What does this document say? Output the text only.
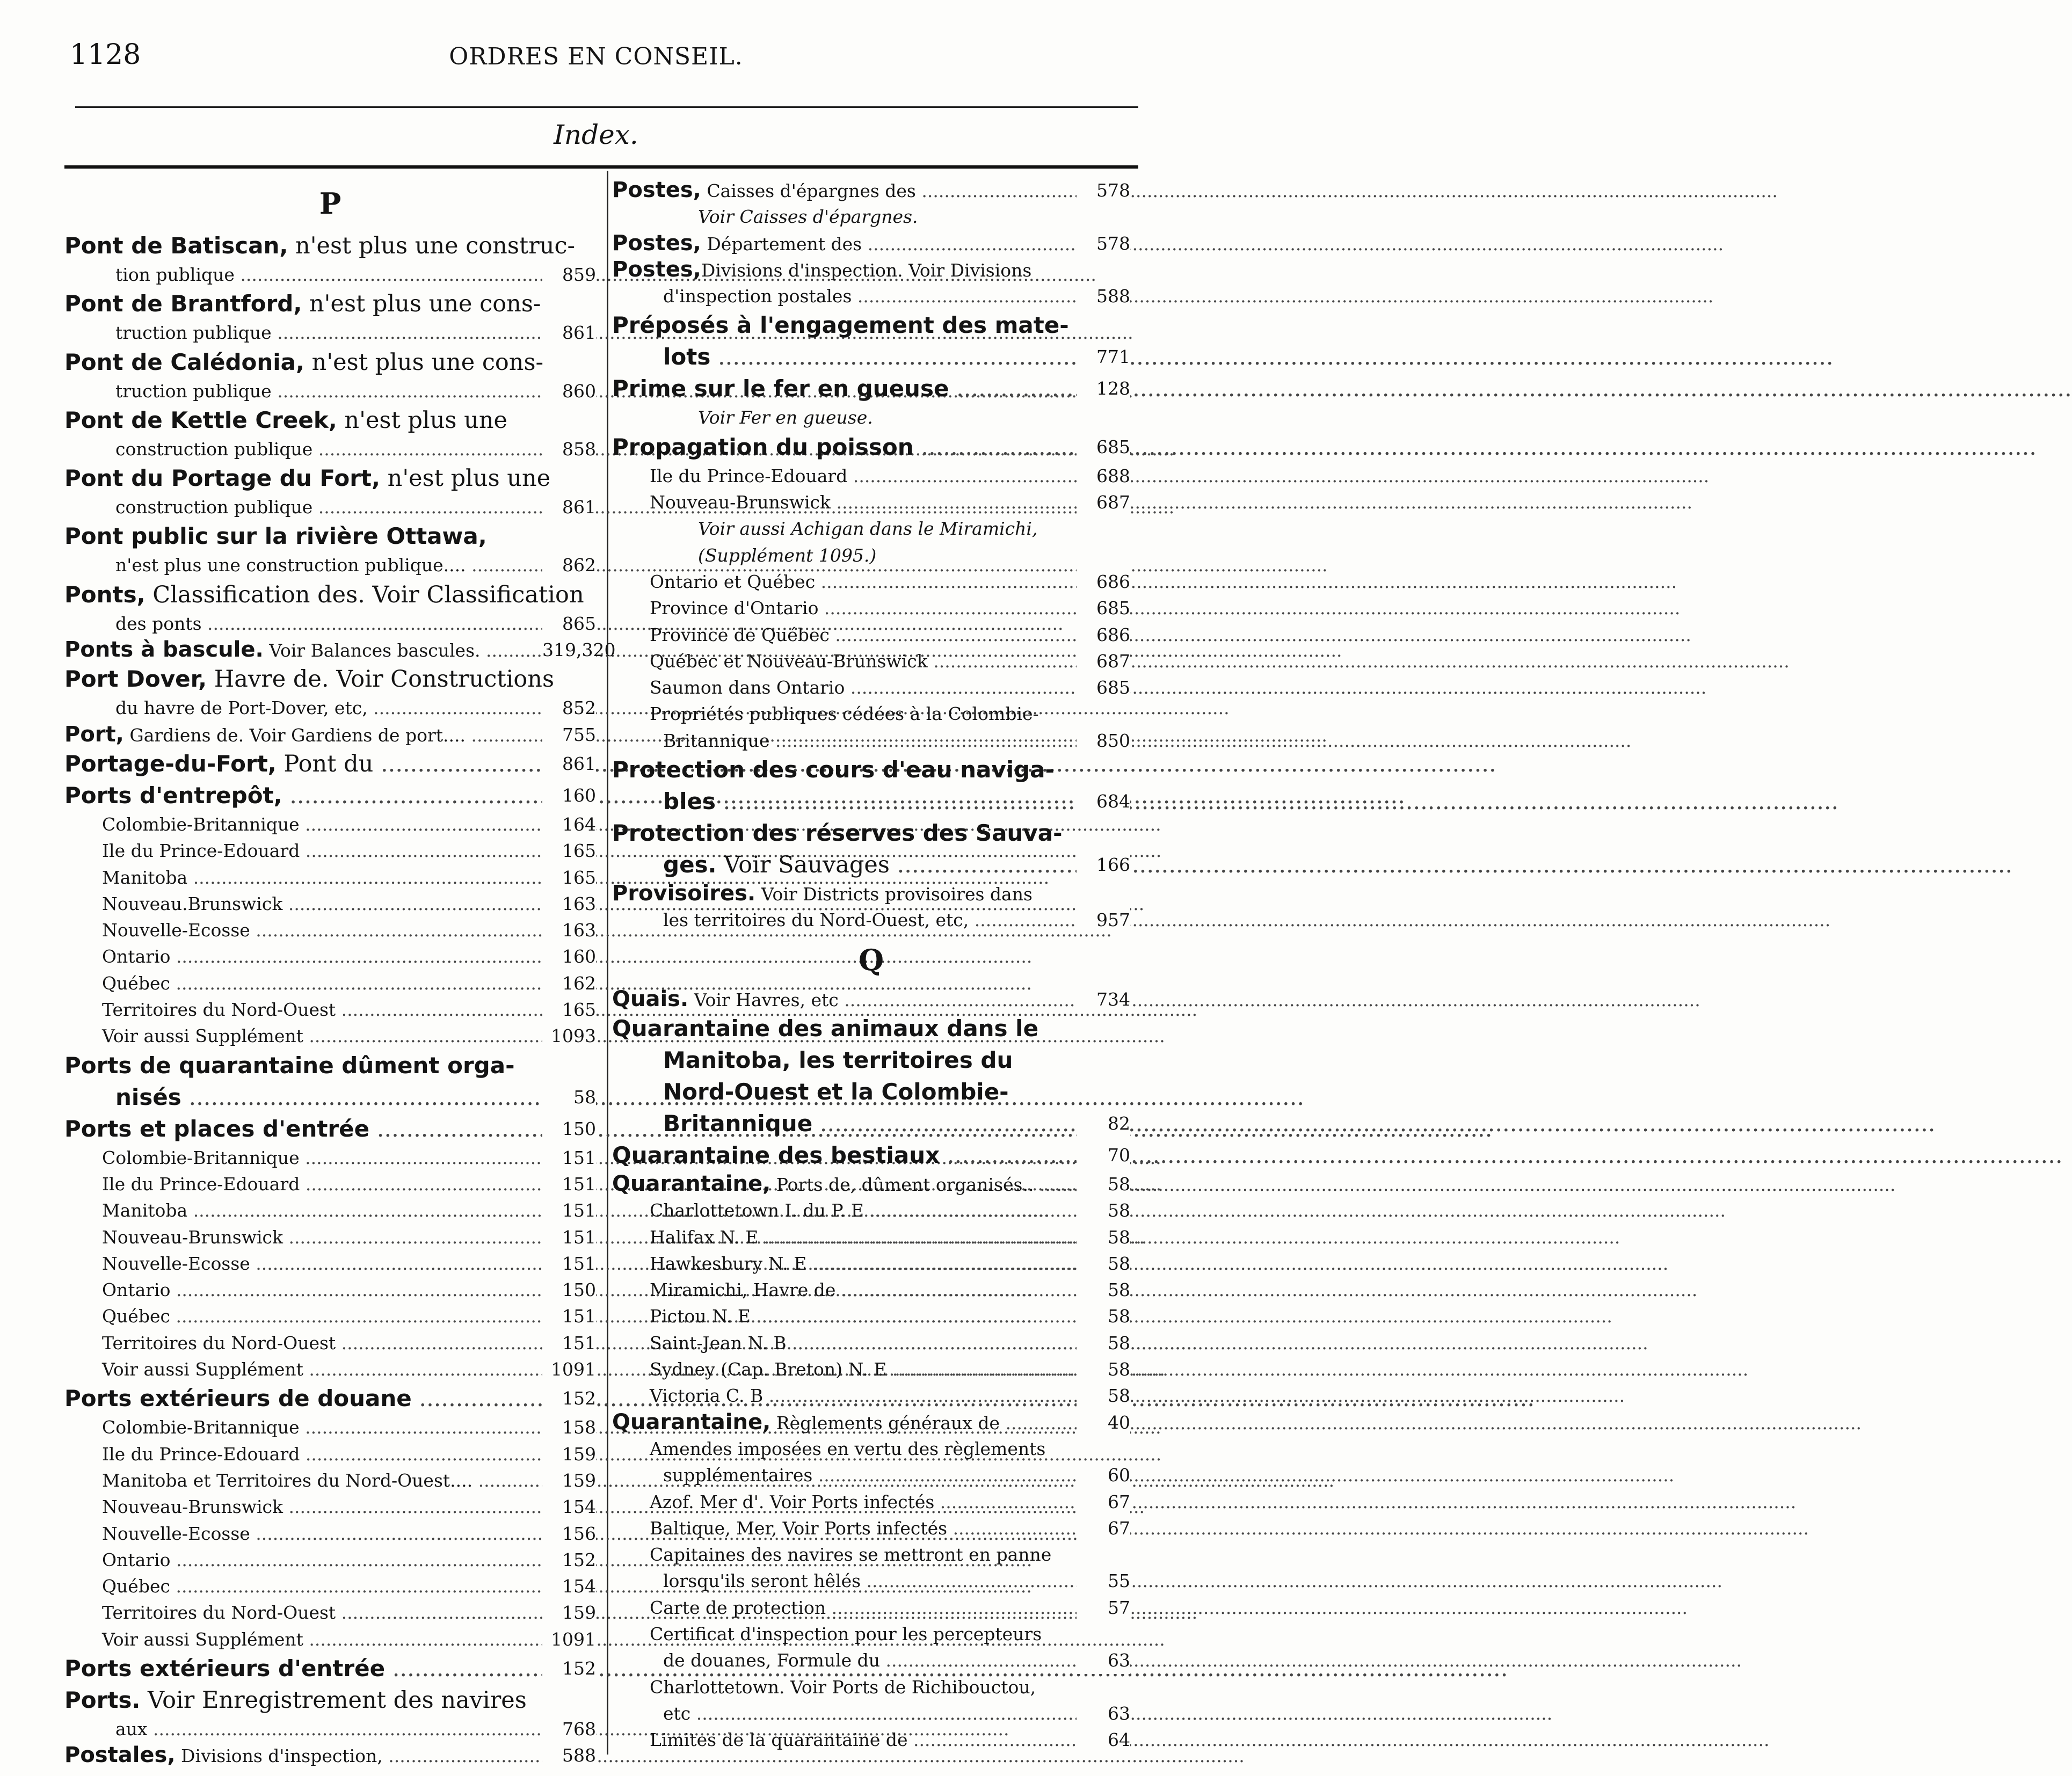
1128	ORDRES EN CONSEIL.
Index.
P
Pont de Batiscan, n'est plus une construc-
tion publique .....	859
Pont de Brantford, n'est plus une cons-
truction publique .....	861
Pont de Calédonia, n'est plus une cons-
truction publique .....	860
Pont de Kettle Creek, n'est plus une
construction publique .....	858
Pont du Portage du Fort, n'est plus une
construction publique .....	861
Pont public sur la rivière Ottawa,
n'est plus une construction publique.... .....	862
Ponts, Classification des. Voir Classification
des ponts .....	865
Ponts à bascule. Voir Balances bascules. .....	319,320
Port Dover, Havre de. Voir Constructions
du havre de Port-Dover, etc, .....	852
Port, Gardiens de. Voir Gardiens de port.... .....	755
Portage-du-Fort, Pont du .....	861
Ports d'entrepôt, .....	160
Colombie-Britannique .....	164
Ile du Prince-Edouard .....	165
Manitoba .....	165
Nouveau.Brunswick .....	163
Nouvelle-Ecosse .....	163
Ontario .....	160
Québec .....	162
Territoires du Nord-Ouest .....	165
Voir aussi Supplément .....	1093
Ports de quarantaine dûment orga-
nisés .....	58
Ports et places d'entrée .....	150
Colombie-Britannique .....	151
Ile du Prince-Edouard .....	151
Manitoba .....	151
Nouveau-Brunswick .....	151
Nouvelle-Ecosse .....	151
Ontario .....	150
Québec .....	151
Territoires du Nord-Ouest .....	151
Voir aussi Supplément .....	1091
Ports extérieurs de douane .....	152
Colombie-Britannique .....	158
Ile du Prince-Edouard .....	159
Manitoba et Territoires du Nord-Ouest.... .....	159
Nouveau-Brunswick .....	154
Nouvelle-Ecosse .....	156
Ontario .....	152
Québec .....	154
Territoires du Nord-Ouest .....	159
Voir aussi Supplément .....	1091
Ports extérieurs d'entrée .....	152
Ports. Voir Enregistrement des navires
aux .....	768
Postales, Divisions d'inspection, .....	588
Postes, Caisses d'épargnes des .....	578
Voir Caisses d'épargnes.
Postes, Département des .....	578
Postes,Divisions d'inspection. Voir Divisions
d'inspection postales .....	588
Préposés à l'engagement des mate-
lots .....	771
Prime sur le fer en gueuse .....	128
Voir Fer en gueuse.
Propagation du poisson .....	685
Ile du Prince-Edouard .....	688
Nouveau-Brunswick .....	687
Voir aussi Achigan dans le Miramichi,
(Supplément 1095.)
Ontario et Québec .....	686
Province d'Ontario .....	685
Province de Québec .....	686
Québec et Nouveau-Brunswick .....	687
Saumon dans Ontario .....	685
Propriétés publiques cédées à la Colombie-
Britannique .....	850
Protection des cours d'eau naviga-
bles .....	684
Protection des réserves des Sauva-
ges. Voir Sauvages .....	166
Provisoires. Voir Districts provisoires dans
les territoires du Nord-Ouest, etc, .....	957
Q
Quais. Voir Havres, etc .....	734
Quarantaine des animaux dans le
Manitoba, les territoires du
Nord-Ouest et la Colombie-
Britannique .....	82
Quarantaine des bestiaux .....	70
Quarantaine, Ports de, dûment organisés.. .....	58
Charlottetown I. du P. E .....	58
Halifax N. E .....	58
Hawkesbury N. E .....	58
Miramichi, Havre de .....	58
Pictou N. E .....	58
Saint-Jean N. B .....	58
Sydney (Cap. Breton) N. E .....	58
Victoria C. B .....	58
Quarantaine, Règlements généraux de .....	40
Amendes imposées en vertu des règlements
supplémentaires .....	60
Azof. Mer d'. Voir Ports infectés .....	67
Baltique, Mer, Voir Ports infectés .....	67
Capitaines des navires se mettront en panne
lorsqu'ils seront hêlés .....	55
Carte de protection .....	57
Certificat d'inspection pour les percepteurs
de douanes, Formule du .....	63
Charlottetown. Voir Ports de Richibouctou,
etc .....	63
Limites de la quarantaine de .....	64
